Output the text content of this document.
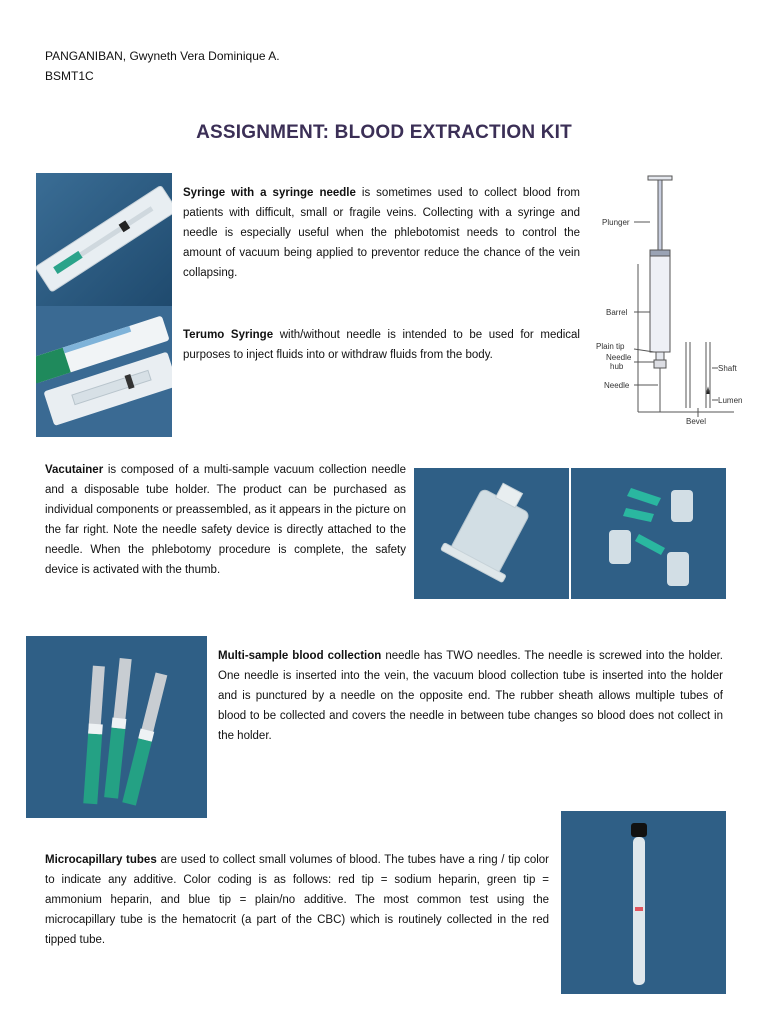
PANGANIBAN, Gwyneth Vera Dominique A.
BSMT1C
ASSIGNMENT: BLOOD EXTRACTION KIT
Syringe with a syringe needle is sometimes used to collect blood from patients with difficult, small or fragile veins. Collecting with a syringe and needle is especially useful when the phlebotomist needs to control the amount of vacuum being applied to preventor reduce the chance of the vein collapsing.
Terumo Syringe with/without needle is intended to be used for medical purposes to inject fluids into or withdraw fluids from the body.
Plunger
Barrel
Plain tip
Needle
hub
Needle
Shaft
Lumen
Bevel
Vacutainer is composed of a multi-sample vacuum collection needle and a disposable tube holder. The product can be purchased as individual components or preassembled, as it appears in the picture on the far right. Note the needle safety device is directly attached to the needle. When the phlebotomy procedure is complete, the safety device is activated with the thumb.
Multi-sample blood collection needle has TWO needles. The needle is screwed into the holder. One needle is inserted into the vein, the vacuum blood collection tube is inserted into the holder and is punctured by a needle on the opposite end. The rubber sheath allows multiple tubes of blood to be collected and covers the needle in between tube changes so blood does not collect in the holder.
Microcapillary tubes are used to collect small volumes of blood. The tubes have a ring / tip color to indicate any additive. Color coding is as follows: red tip = sodium heparin, green tip = ammonium heparin, and blue tip = plain/no additive. The most common test using the microcapillary tube is the hematocrit (a part of the CBC) which is routinely collected in the red tipped tube.
